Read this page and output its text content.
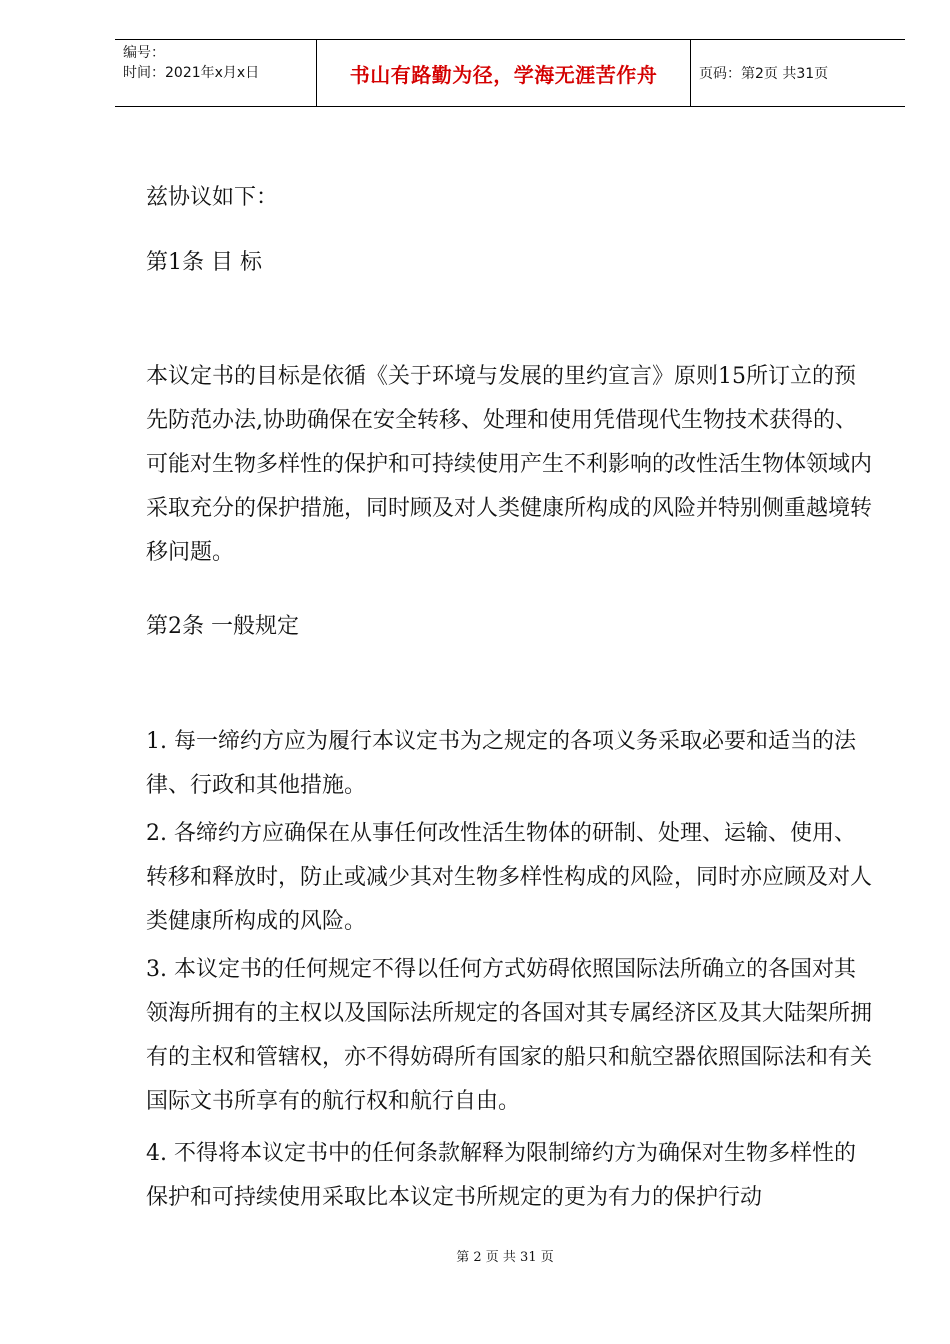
编号：
时间：2021年x月x日	书山有路勤为径，学海无涯苦作舟	页码：第2页 共31页

兹协议如下：

第1条 目 标

本议定书的目标是依循《关于环境与发展的里约宣言》原则15所订立的预先防范办法,协助确保在安全转移、处理和使用凭借现代生物技术获得的、可能对生物多样性的保护和可持续使用产生不利影响的改性活生物体领域内采取充分的保护措施，同时顾及对人类健康所构成的风险并特别侧重越境转移问题。

第2条 一般规定

1. 每一缔约方应为履行本议定书为之规定的各项义务采取必要和适当的法律、行政和其他措施。

2. 各缔约方应确保在从事任何改性活生物体的研制、处理、运输、使用、转移和释放时，防止或减少其对生物多样性构成的风险，同时亦应顾及对人类健康所构成的风险。

3. 本议定书的任何规定不得以任何方式妨碍依照国际法所确立的各国对其领海所拥有的主权以及国际法所规定的各国对其专属经济区及其大陆架所拥有的主权和管辖权，亦不得妨碍所有国家的船只和航空器依照国际法和有关国际文书所享有的航行权和航行自由。

4. 不得将本议定书中的任何条款解释为限制缔约方为确保对生物多样性的保护和可持续使用采取比本议定书所规定的更为有力的保护行动

第 2 页 共 31 页
